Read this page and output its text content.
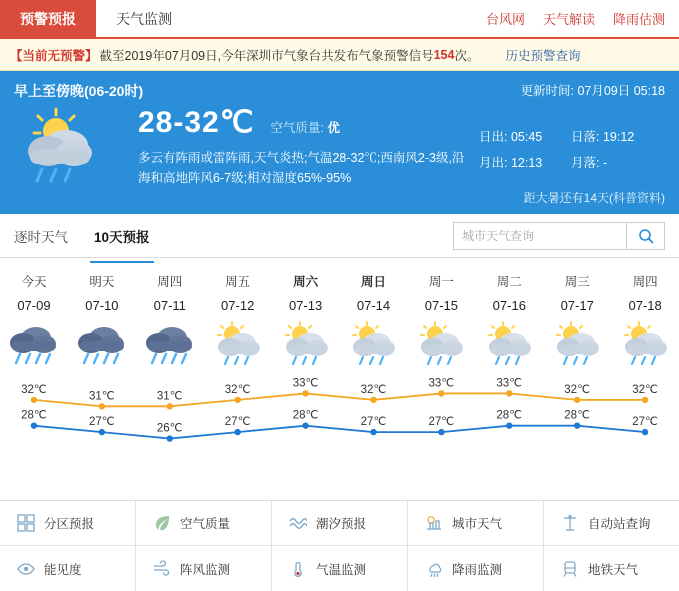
预警预报	天气监测	台风网 天气解读 降雨估测
【当前无预警】 截至2019年07月09日,今年深圳市气象台共发布气象预警信号 154 次。 历史预警查询
早上至傍晚(06-20时)	更新时间: 07月09日 05:18
28-32℃ 空气质量: 优
多云有阵雨或雷阵雨,天气炎热;气温28-32℃;西南风2-3级,沿海和高地阵风6-7级;相对湿度65%-95%
日出: 05:45	日落: 19:12
月出: 12:13	月落: -
距大暑还有14天(科普资料)
逐时天气 10天预报
城市天气查询
今天	明天	周四	周五	周六	周日	周一	周二	周三	周四
07-09	07-10	07-11	07-12	07-13	07-14	07-15	07-16	07-17	07-18
32℃
31℃	31℃
32℃
33℃
32℃
33℃	33℃
32℃	32℃
28℃
27℃
26℃
27℃
28℃
27℃	27℃
28℃	28℃
27℃
分区预报	空气质量	潮汐预报	城市天气	自动站查询
能见度	阵风监测	气温监测	降雨监测	地铁天气
